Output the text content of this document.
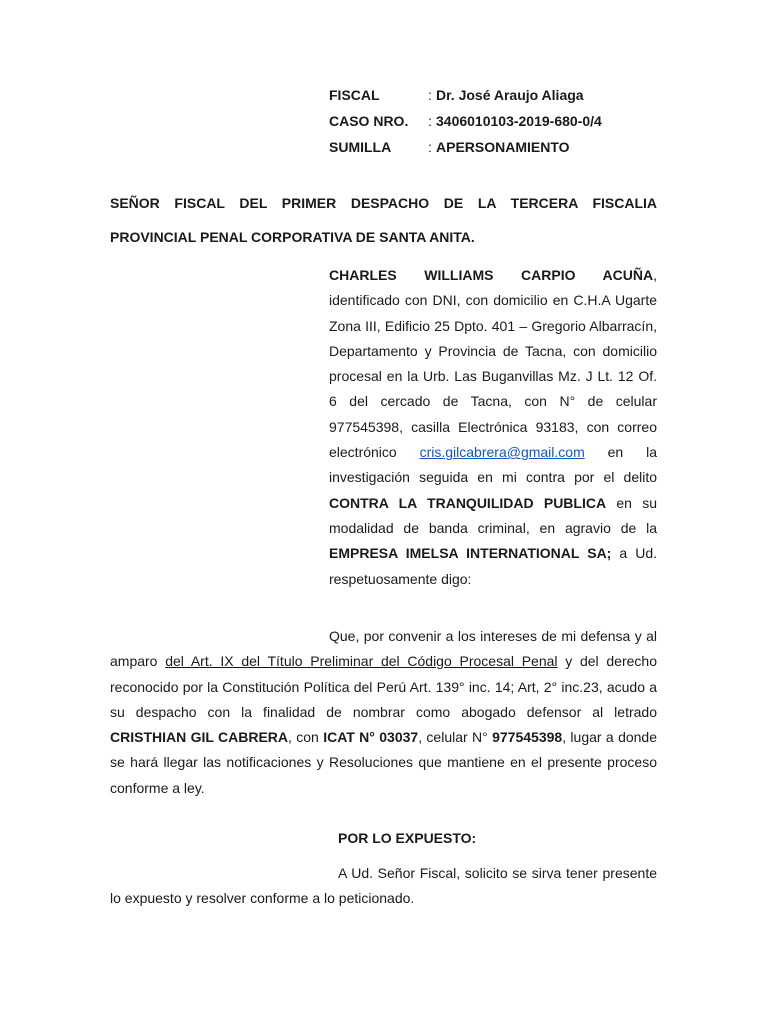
FISCAL	: Dr. José Araujo Aliaga
CASO NRO.	: 3406010103-2019-680-0/4
SUMILLA	: APERSONAMIENTO
SEÑOR FISCAL DEL PRIMER DESPACHO DE LA TERCERA FISCALIA
PROVINCIAL PENAL CORPORATIVA DE SANTA ANITA.
CHARLES WILLIAMS CARPIO ACUÑA, identificado con DNI, con domicilio en C.H.A Ugarte Zona III, Edificio 25 Dpto. 401 – Gregorio Albarracín, Departamento y Provincia de Tacna, con domicilio procesal en la Urb. Las Buganvillas Mz. J Lt. 12 Of. 6 del cercado de Tacna, con N° de celular 977545398, casilla Electrónica 93183, con correo electrónico cris.gilcabrera@gmail.com en la investigación seguida en mi contra por el delito CONTRA LA TRANQUILIDAD PUBLICA en su modalidad de banda criminal, en agravio de la EMPRESA IMELSA INTERNATIONAL SA; a Ud. respetuosamente digo:
Que, por convenir a los intereses de mi defensa y al amparo del Art. IX del Título Preliminar del Código Procesal Penal y del derecho reconocido por la Constitución Política del Perú Art. 139° inc. 14; Art, 2° inc.23, acudo a su despacho con la finalidad de nombrar como abogado defensor al letrado CRISTHIAN GIL CABRERA, con ICAT N° 03037, celular N° 977545398, lugar a donde se hará llegar las notificaciones y Resoluciones que mantiene en el presente proceso conforme a ley.
POR LO EXPUESTO:
A Ud. Señor Fiscal, solicito se sirva tener presente lo expuesto y resolver conforme a lo peticionado.
